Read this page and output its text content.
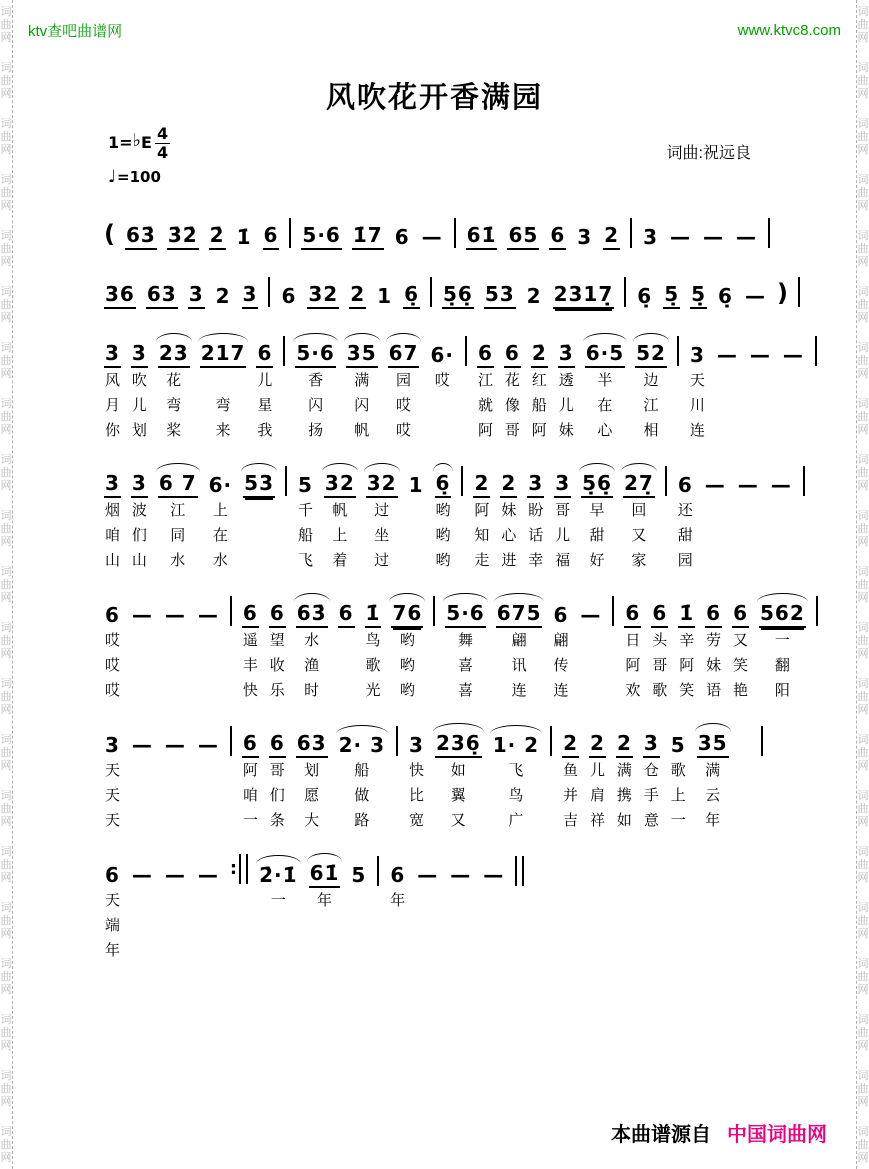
词
曲
网
词
曲
网
词
曲
网
词
曲
网
词
曲
网
词
曲
网
词
曲
网
词
曲
网
词
曲
网
词
曲
网
词
曲
网
词
曲
网
词
曲
网
词
曲
网
词
曲
网
词
曲
网
词
曲
网
词
曲
网
词
曲
网
词
曲
网
词
曲
网
词
曲
网
词
曲
网
词
曲
网
词
曲
网
词
曲
网
词
曲
网
词
曲
网
词
曲
网
词
曲
网
词
曲
网
词
曲
网
词
曲
网
词
曲
网
词
曲
网
词
曲
网
词
曲
网
词
曲
网
词
曲
网
词
曲
网
词
曲
网
词
曲
网
ktv查吧曲谱网	www.ktvc8.com
风吹花开香满园
1=♭E $\frac{4}{4}$
♩=100
词曲:祝远良
( 63̇ 3̇2̇ 2̇ 1̇ 6 5·6 1̇7 6 — 61̇ 65 6 3 2 3 — — —
36 63 3 2 3 6 32 2 1 6̣ 5̣6̣ 53 2 2317̣ 6̣ 5̣ 5̣ 6̣ — )
3
风
月
你
3
吹
儿
划
23
花
弯
桨
217
弯
来
6
儿
星
我
5·6
香
闪
扬
35
满
闪
帆
67
园
哎
哎
6·
哎
6
江
就
阿
6
花
像
哥
2̇
红
船
阿
3̇
透
儿
妹
6·5
半
在
心
52
边
江
相
3
天
川
连
— — —
3
烟
咱
山
3
波
们
山
6 7
江
同
水
6·
上
在
水
53 5
千
船
飞
32
帆
上
着
32
过
坐
过
1 6̣
哟
哟
哟
2
阿
知
走
2
妹
心
进
3
盼
话
幸
3
哥
儿
福
5̣6̣
早
甜
好
27̣
回
又
家
6
还
甜
园
— — —
6
哎
哎
哎
— — — 6
遥
丰
快
6
望
收
乐
63̇
水
渔
时
6 1̇
鸟
歌
光
76
哟
哟
哟
5·6
舞
喜
喜
675
翩
讯
连
6
翩
传
连
— 6
日
阿
欢
6
头
哥
歌
1̇
辛
阿
笑
6
劳
妹
语
6
又
笑
艳
562
一
翻
阳
3
天
天
天
— — — 6
阿
咱
一
6
哥
们
条
63
划
愿
大
2· 3
船
做
路
3
快
比
宽
236̣
如
翼
又
1· 2
飞
鸟
广
2
鱼
并
吉
2
儿
肩
祥
2
满
携
如
3
仓
手
意
5
歌
上
一
35
满
云
年
6
天
端
年
— — — : 2̇·1̇
一
61̇
年
5 6
年
— — —
本曲谱源自 中国词曲网
